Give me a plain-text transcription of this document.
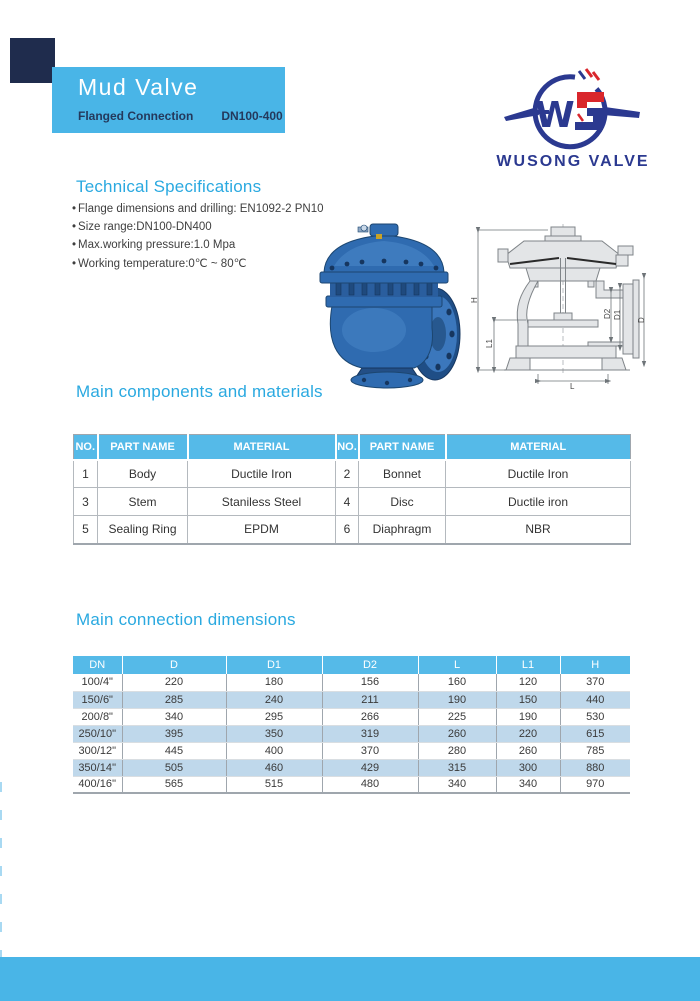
Mud Valve
Flanged Connection DN100-400	W
WUSONG VALVE
Technical Specifications
• Flange dimensions and drilling: EN1092-2 PN10
• Size range:DN100-DN400
• Max.working pressure:1.0 Mpa
• Working temperature:0℃ ~ 80℃
H
L1
L
D2 D1
D
Main components and materials
NO.	PART NAME	MATERIAL	NO.	PART NAME	MATERIAL
1	Body	Ductile Iron	2	Bonnet	Ductile Iron
3	Stem	Staniless Steel	4	Disc	Ductile iron
5	Sealing Ring	EPDM	6	Diaphragm	NBR
Main connection dimensions
DN	D	D1	D2	L	L1	H
100/4"	220	180	156	160	120	370
150/6"	285	240	211	190	150	440
200/8"	340	295	266	225	190	530
250/10"	395	350	319	260	220	615
300/12"	445	400	370	280	260	785
350/14''	505	460	429	315	300	880
400/16''	565	515	480	340	340	970
